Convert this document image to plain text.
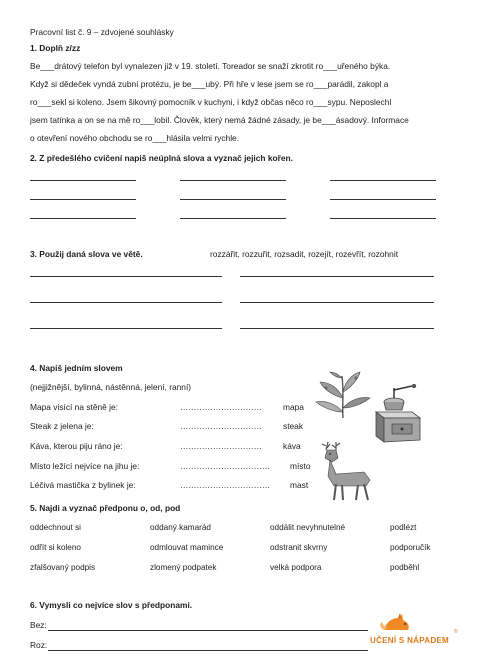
Pracovní list č. 9 – zdvojené souhlásky
1. Doplň z/zz
Be___drátový telefon byl vynalezen již v 19. století. Toreador se snaží zkrotit ro___uřeného býka.
Když si dědeček vyndá zubní protézu, je be___ubý. Při hře v lese jsem se ro___parádil, zakopl a
ro___sekl si koleno. Jsem šikovný pomocník v kuchyni, i když občas něco ro___sypu. Neposlechl
jsem tatínka a on se na mě ro___lobil. Člověk, který nemá žádné zásady, je be___ásadový. Informace
o otevření nového obchodu se ro___hlásila velmi rychle.
2. Z předešlého cvičení napiš neúplná slova a vyznač jejich kořen.
3. Použij daná slova ve větě.	rozzářit, rozzuřit, rozsadit, rozejít, rozevřít, rozohnit
4. Napiš jedním slovem
(nejjižnější, bylinná, nástěnná, jelení, ranní)
Mapa visící na stěně je:	…………………………	mapa
Steak z jelena je:	…………………………	steak
Káva, kterou piju ráno je:	…………………………	káva
Místo ležící nejvíce na jihu je:	…………………………… místo
Léčivá mastička z bylinek je:	…………………………… mast
5. Najdi a vyznač předponu o, od, pod
oddechnout si	oddaný kamarád	oddálit nevyhnutelné	podlézt
odřít si koleno	odmlouvat mamince	odstranit skvrny	podporučík
zfalšovaný podpis	zlomený podpatek	velká podpora	podběhl
6. Vymysli co nejvíce slov s předponami.
Bez:
Roz:	UČENÍ S NÁPADEM
®
